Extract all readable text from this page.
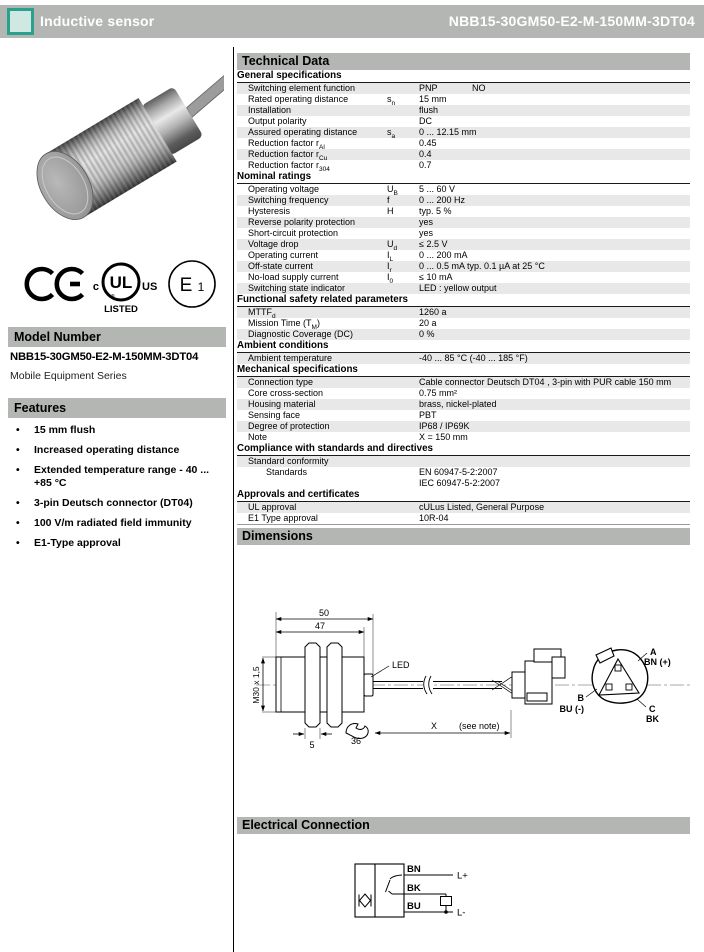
Inductive sensor	NBB15-30GM50-E2-M-150MM-3DT04
UL
c	US
®
LISTED
E 1
Model Number
NBB15-30GM50-E2-M-150MM-3DT04
Mobile Equipment Series
Features
• 15 mm flush
• Increased operating distance
• Extended temperature range - 40 ... +85 °C
• 3-pin Deutsch connector (DT04)
• 100 V/m radiated field immunity
• E1-Type approval
Technical Data
General specifications
Switching element function	PNP	NO
Rated operating distance	$s_n$	15 mm
Installation	flush
Output polarity	DC
Assured operating distance	$s_a$	0 ... 12.15 mm
Reduction factor $r_{Al}$	0.45
Reduction factor $r_{Cu}$	0.4
Reduction factor $r_{304}$	0.7
Nominal ratings
Operating voltage	$U_B$	5 ... 60 V
Switching frequency	f	0 ... 200 Hz
Hysteresis	H	typ. 5 %
Reverse polarity protection	yes
Short-circuit protection	yes
Voltage drop	$U_d$	≤ 2.5 V
Operating current	$I_L$	0 ... 200 mA
Off-state current	$I_r$	0 ... 0.5 mA typ. 0.1 µA at 25 °C
No-load supply current	$I_0$	≤ 10 mA
Switching state indicator	LED : yellow output
Functional safety related parameters
$MTTF_d$	1260 a
Mission Time $(T_M)$	20 a
Diagnostic Coverage (DC)	0 %
Ambient conditions
Ambient temperature	-40 ... 85 °C (-40 ... 185 °F)
Mechanical specifications
Connection type	Cable connector Deutsch DT04 , 3-pin with PUR cable 150 mm
Core cross-section	0.75 mm²
Housing material	brass, nickel-plated
Sensing face	PBT
Degree of protection	IP68 / IP69K
Note	X = 150 mm
Compliance with standards and directives
Standard conformity
Standards	EN 60947-5-2:2007
IEC 60947-5-2:2007
Approvals and certificates
UL approval	cULus Listed, General Purpose
E1 Type approval	10R-04
Dimensions
50
47
M30 x 1,5
5	36
X (see note)
LED
A
BN (+)
B
BU (-)	C
BK
Electrical Connection
BN
BK
BU
L+
L-
